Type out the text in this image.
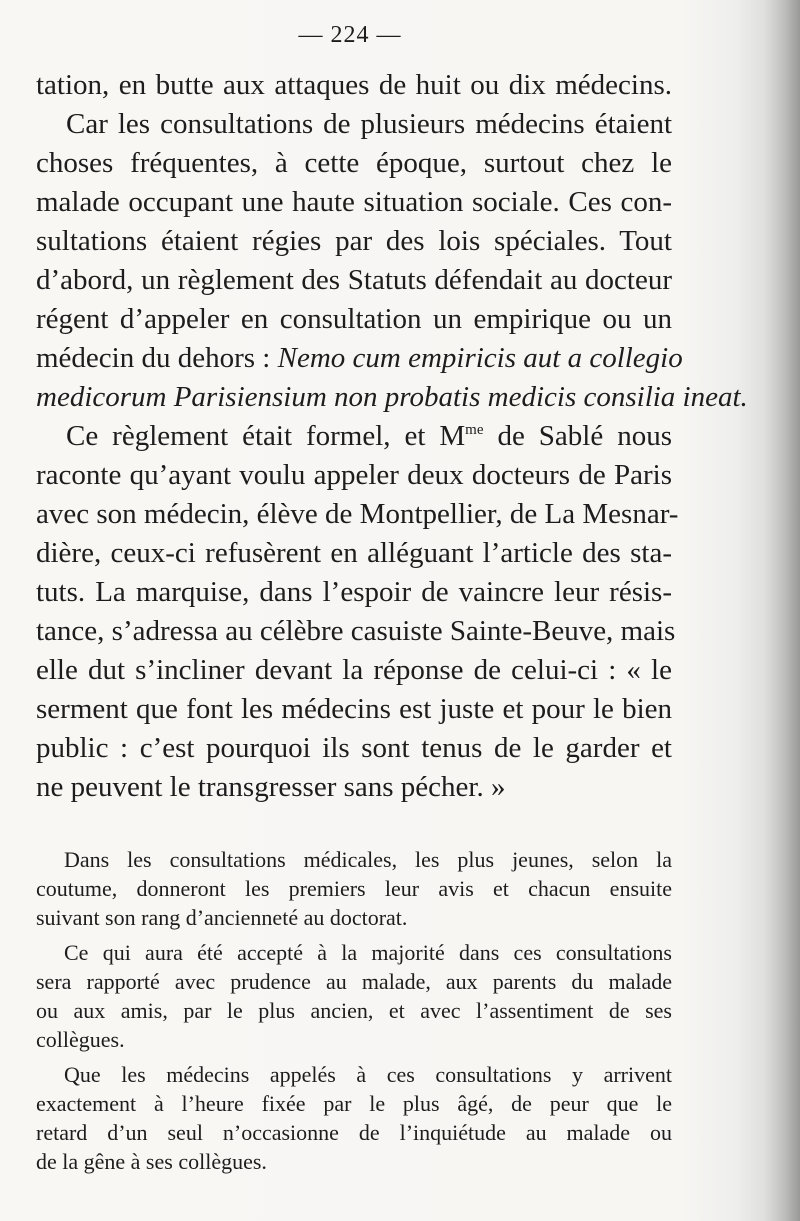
— 224 —
tation, en butte aux attaques de huit ou dix médecins.
Car les consultations de plusieurs médecins étaient
choses fréquentes, à cette époque, surtout chez le
malade occupant une haute situation sociale. Ces con-
sultations étaient régies par des lois spéciales. Tout
d’abord, un règlement des Statuts défendait au docteur
régent d’appeler en consultation un empirique ou un
médecin du dehors : Nemo cum empiricis aut a collegio
medicorum Parisiensium non probatis medicis consilia ineat.
Ce règlement était formel, et $M^{me}$ de Sablé nous
raconte qu’ayant voulu appeler deux docteurs de Paris
avec son médecin, élève de Montpellier, de La Mesnar-
dière, ceux-ci refusèrent en alléguant l’article des sta-
tuts. La marquise, dans l’espoir de vaincre leur résis-
tance, s’adressa au célèbre casuiste Sainte-Beuve, mais
elle dut s’incliner devant la réponse de celui-ci : « le
serment que font les médecins est juste et pour le bien
public : c’est pourquoi ils sont tenus de le garder et
ne peuvent le transgresser sans pécher. »
Dans les consultations médicales, les plus jeunes, selon la
coutume, donneront les premiers leur avis et chacun ensuite
suivant son rang d’ancienneté au doctorat.
Ce qui aura été accepté à la majorité dans ces consultations
sera rapporté avec prudence au malade, aux parents du malade
ou aux amis, par le plus ancien, et avec l’assentiment de ses
collègues.
Que les médecins appelés à ces consultations y arrivent
exactement à l’heure fixée par le plus âgé, de peur que le
retard d’un seul n’occasionne de l’inquiétude au malade ou
de la gêne à ses collègues.
